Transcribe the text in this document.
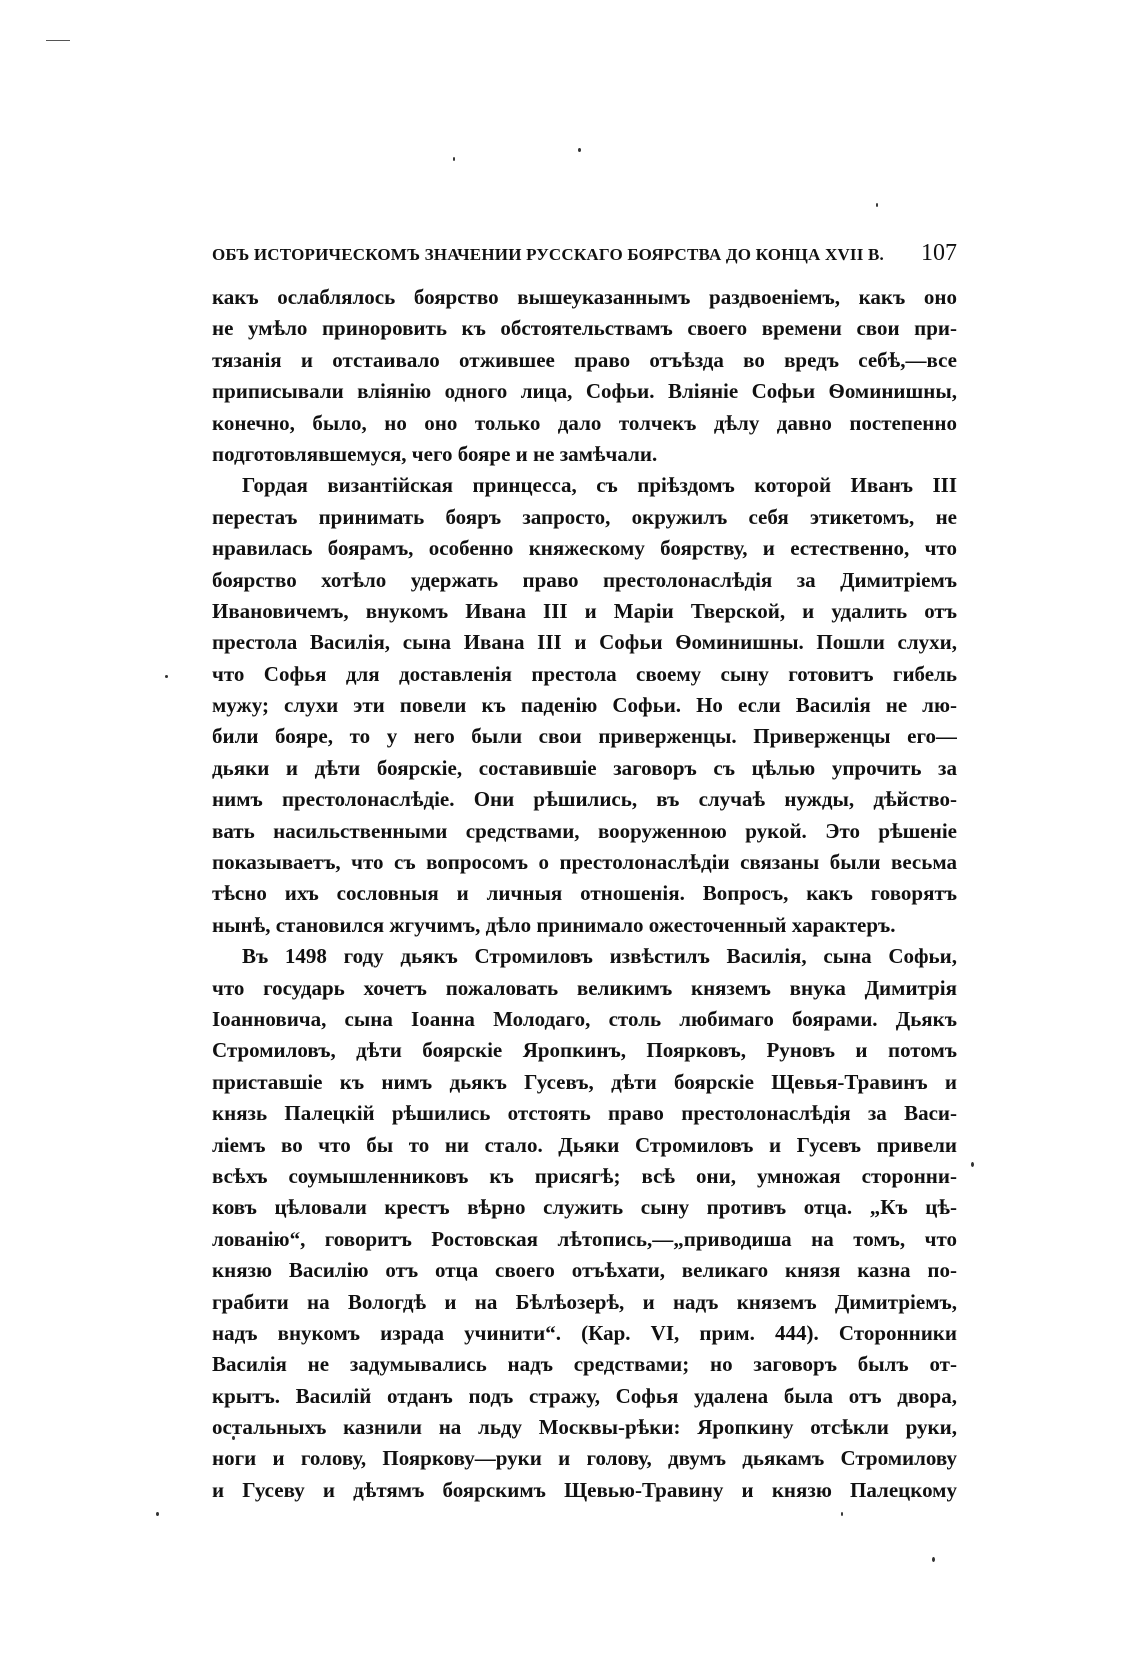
ОБЪ ИСТОРИЧЕСКОМЪ ЗНАЧЕНИИ РУССКАГО БОЯРСТВА ДО КОНЦА XVII В. 107
какъ ослаблялось боярство вышеуказаннымъ раздвоеніемъ, какъ оно
не умѣло приноровить къ обстоятельствамъ своего времени свои при-
тязанія и отстаивало отжившее право отъѣзда во вредъ себѣ,—все
приписывали вліянію одного лица, Софьи. Вліяніе Софьи Ѳоминишны,
конечно, было, но оно только дало толчекъ дѣлу давно постепенно
подготовлявшемуся, чего бояре и не замѣчали.
Гордая византійская принцесса, съ пріѣздомъ которой Иванъ III
перестаъ принимать бояръ запросто, окружилъ себя этикетомъ, не
нравилась боярамъ, особенно княжескому боярству, и естественно, что
боярство хотѣло удержать право престолонаслѣдія за Димитріемъ
Ивановичемъ, внукомъ Ивана III и Маріи Тверской, и удалить отъ
престола Василія, сына Ивана III и Софьи Ѳоминишны. Пошли слухи,
что Софья для доставленія престола своему сыну готовитъ гибель
мужу; слухи эти повели къ паденію Софьи. Но если Василія не лю-
били бояре, то у него были свои приверженцы. Приверженцы его—
дьяки и дѣти боярскіе, составившіе заговоръ съ цѣлью упрочить за
нимъ престолонаслѣдіе. Они рѣшились, въ случаѣ нужды, дѣйство-
вать насильственными средствами, вооруженною рукой. Это рѣшеніе
показываетъ, что съ вопросомъ о престолонаслѣдіи связаны были весьма
тѣсно ихъ сословныя и личныя отношенія. Вопросъ, какъ говорятъ
нынѣ, становился жгучимъ, дѣло принимало ожесточенный характеръ.
Въ 1498 году дьякъ Стромиловъ извѣстилъ Василія, сына Софьи,
что государь хочетъ пожаловать великимъ княземъ внука Димитрія
Іоанновича, сына Іоанна Молодаго, столь любимаго боярами. Дьякъ
Стромиловъ, дѣти боярскіе Яропкинъ, Поярковъ, Руновъ и потомъ
приставшіе къ нимъ дьякъ Гусевъ, дѣти боярскіе Щевья-Травинъ и
князь Палецкій рѣшились отстоять право престолонаслѣдія за Васи-
ліемъ во что бы то ни стало. Дьяки Стромиловъ и Гусевъ привели
всѣхъ соумышленниковъ къ присягѣ; всѣ они, умножая сторонни-
ковъ цѣловали крестъ вѣрно служить сыну противъ отца. „Къ цѣ-
лованію“, говоритъ Ростовская лѣтопись,—„приводиша на томъ, что
князю Василію отъ отца своего отъѣхати, великаго князя казна по-
грабити на Вологдѣ и на Бѣлѣозерѣ, и надъ княземъ Димитріемъ,
надъ внукомъ израда учинити“. (Кар. VI, прим. 444). Сторонники
Василія не задумывались надъ средствами; но заговоръ былъ от-
крытъ. Василій отданъ подъ стражу, Софья удалена была отъ двора,
остальныхъ казнили на льду Москвы-рѣки: Яропкину отсѣкли руки,
ноги и голову, Пояркову—руки и голову, двумъ дьякамъ Стромилову
и Гусеву и дѣтямъ боярскимъ Щевью-Травину и князю Палецкому
